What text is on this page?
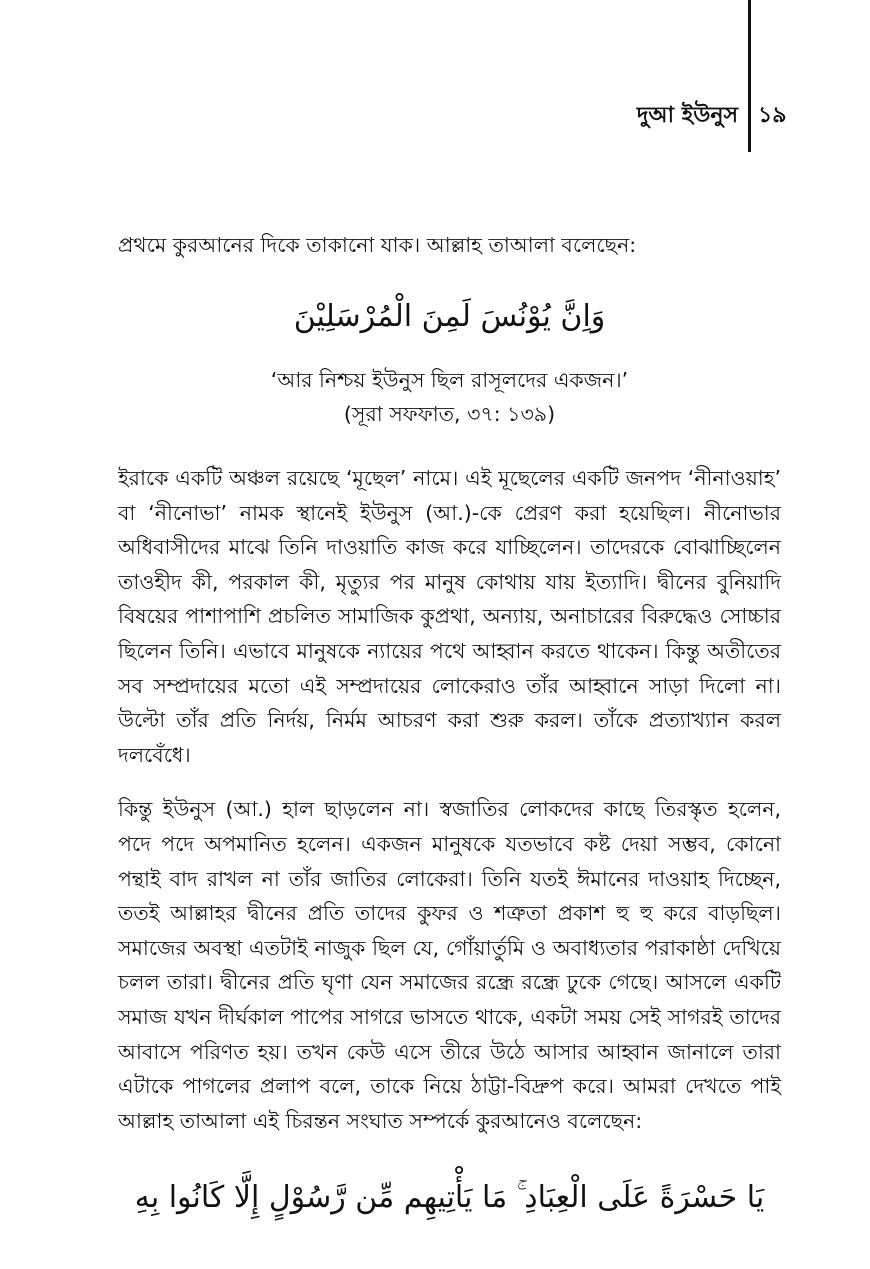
দুআ ইউনুস ১৯

প্রথমে কুরআনের দিকে তাকানো যাক। আল্লাহ তাআলা বলেছেন:

وَاِنَّ يُوْنُسَ لَمِنَ الْمُرْسَلِيْنَ
‘আর নিশ্চয় ইউনুস ছিল রাসূলদের একজন।’
(সূরা সফফাত, ৩৭: ১৩৯)

ইরাকে একটি অঞ্চল রয়েছে ‘মূছেল’ নামে। এই মূছেলের একটি জনপদ ‘নীনাওয়াহ’ বা ‘নীনোভা’ নামক স্থানেই ইউনুস (আ.)-কে প্রেরণ করা হয়েছিল। নীনোভার অধিবাসীদের মাঝে তিনি দাওয়াতি কাজ করে যাচ্ছিলেন। তাদেরকে বোঝাচ্ছিলেন তাওহীদ কী, পরকাল কী, মৃত্যুর পর মানুষ কোথায় যায় ইত্যাদি। দ্বীনের বুনিয়াদি বিষয়ের পাশাপাশি প্রচলিত সামাজিক কুপ্রথা, অন্যায়, অনাচারের বিরুদ্ধেও সোচ্চার ছিলেন তিনি। এভাবে মানুষকে ন্যায়ের পথে আহ্বান করতে থাকেন। কিন্তু অতীতের সব সম্প্রদায়ের মতো এই সম্প্রদায়ের লোকেরাও তাঁর আহ্বানে সাড়া দিলো না। উল্টো তাঁর প্রতি নির্দয়, নির্মম আচরণ করা শুরু করল। তাঁকে প্রত্যাখ্যান করল দলবেঁধে।

কিন্তু ইউনুস (আ.) হাল ছাড়লেন না। স্বজাতির লোকদের কাছে তিরস্কৃত হলেন, পদে পদে অপমানিত হলেন। একজন মানুষকে যতভাবে কষ্ট দেয়া সম্ভব, কোনো পন্থাই বাদ রাখল না তাঁর জাতির লোকেরা। তিনি যতই ঈমানের দাওয়াহ দিচ্ছেন, ততই আল্লাহর দ্বীনের প্রতি তাদের কুফর ও শত্রুতা প্রকাশ হু হু করে বাড়ছিল। সমাজের অবস্থা এতটাই নাজুক ছিল যে, গোঁয়ার্তুমি ও অবাধ্যতার পরাকাষ্ঠা দেখিয়ে চলল তারা। দ্বীনের প্রতি ঘৃণা যেন সমাজের রন্ধ্রে রন্ধ্রে ঢুকে গেছে। আসলে একটি সমাজ যখন দীর্ঘকাল পাপের সাগরে ভাসতে থাকে, একটা সময় সেই সাগরই তাদের আবাসে পরিণত হয়। তখন কেউ এসে তীরে উঠে আসার আহ্বান জানালে তারা এটাকে পাগলের প্রলাপ বলে, তাকে নিয়ে ঠাট্টা-বিদ্রুপ করে। আমরা দেখতে পাই আল্লাহ তাআলা এই চিরন্তন সংঘাত সম্পর্কে কুরআনেও বলেছেন:

يَا حَسْرَةً عَلَى الْعِبَادِ ۚ مَا يَأْتِيهِم مِّن رَّسُوْلٍ إِلَّا كَانُوا بِهِ
